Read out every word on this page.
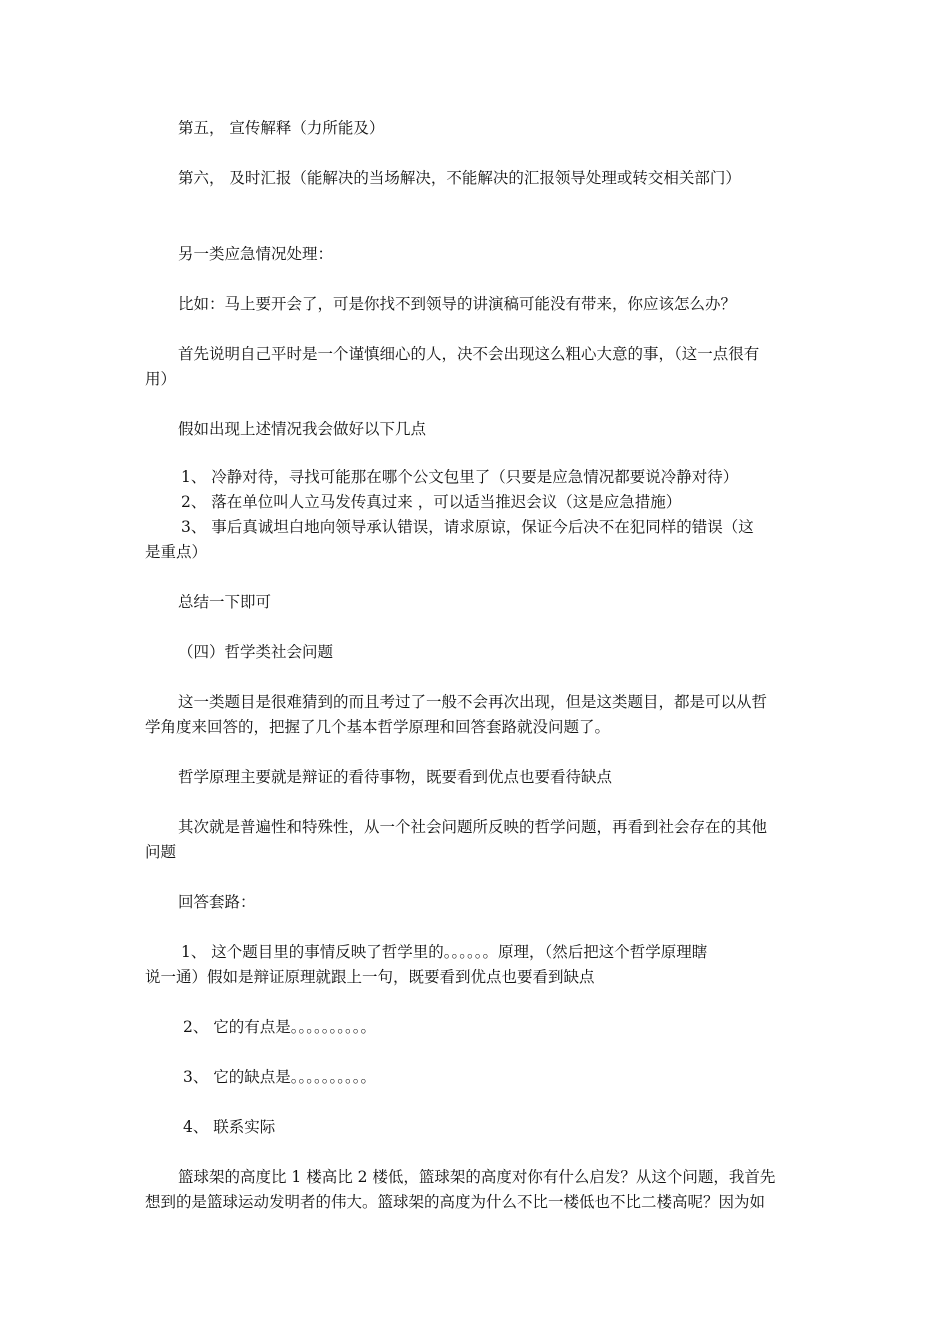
第五， 宣传解释（力所能及）
第六， 及时汇报（能解决的当场解决，不能解决的汇报领导处理或转交相关部门）
另一类应急情况处理：
比如：马上要开会了，可是你找不到领导的讲演稿可能没有带来，你应该怎么办？
首先说明自己平时是一个谨慎细心的人，决不会出现这么粗心大意的事，（这一点很有
用）
假如出现上述情况我会做好以下几点
1、 冷静对待，寻找可能那在哪个公文包里了（只要是应急情况都要说冷静对待）
2、 落在单位叫人立马发传真过来 ，可以适当推迟会议（这是应急措施）
3、 事后真诚坦白地向领导承认错误，请求原谅，保证今后决不在犯同样的错误（这
是重点）
总结一下即可
（四）哲学类社会问题
这一类题目是很难猜到的而且考过了一般不会再次出现，但是这类题目，都是可以从哲
学角度来回答的，把握了几个基本哲学原理和回答套路就没问题了。
哲学原理主要就是辩证的看待事物，既要看到优点也要看待缺点
其次就是普遍性和特殊性，从一个社会问题所反映的哲学问题，再看到社会存在的其他
问题
回答套路：
1、 这个题目里的事情反映了哲学里的。。。。。。原理，（然后把这个哲学原理瞎
说一通）假如是辩证原理就跟上一句，既要看到优点也要看到缺点
2、 它的有点是。。。。。。。。。。
3、 它的缺点是。。。。。。。。。。
4、 联系实际
篮球架的高度比 1 楼高比 2 楼低，篮球架的高度对你有什么启发？从这个问题，我首先
想到的是篮球运动发明者的伟大。篮球架的高度为什么不比一楼低也不比二楼高呢？因为如
